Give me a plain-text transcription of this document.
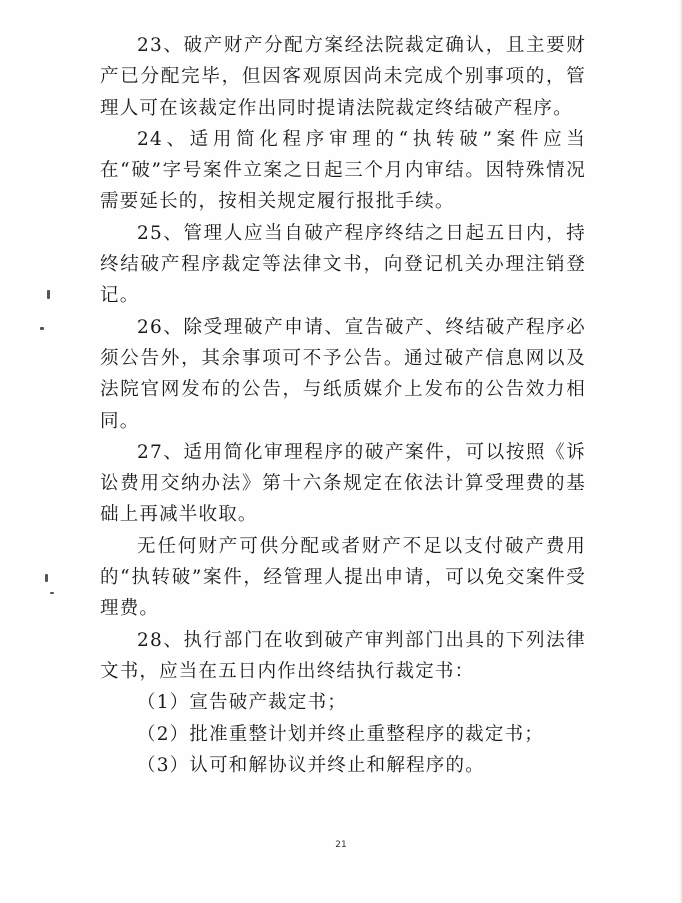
23、破产财产分配方案经法院裁定确认，且主要财产已分配完毕，但因客观原因尚未完成个别事项的，管理人可在该裁定作出同时提请法院裁定终结破产程序。

24、适用简化程序审理的“执转破”案件应当在“破”字号案件立案之日起三个月内审结。因特殊情况需要延长的，按相关规定履行报批手续。

25、管理人应当自破产程序终结之日起五日内，持终结破产程序裁定等法律文书，向登记机关办理注销登记。

26、除受理破产申请、宣告破产、终结破产程序必须公告外，其余事项可不予公告。通过破产信息网以及法院官网发布的公告，与纸质媒介上发布的公告效力相同。

27、适用简化审理程序的破产案件，可以按照《诉讼费用交纳办法》第十六条规定在依法计算受理费的基础上再减半收取。

无任何财产可供分配或者财产不足以支付破产费用的“执转破”案件，经管理人提出申请，可以免交案件受理费。

28、执行部门在收到破产审判部门出具的下列法律文书，应当在五日内作出终结执行裁定书：

（1）宣告破产裁定书；

（2）批准重整计划并终止重整程序的裁定书；

（3）认可和解协议并终止和解程序的。

21
